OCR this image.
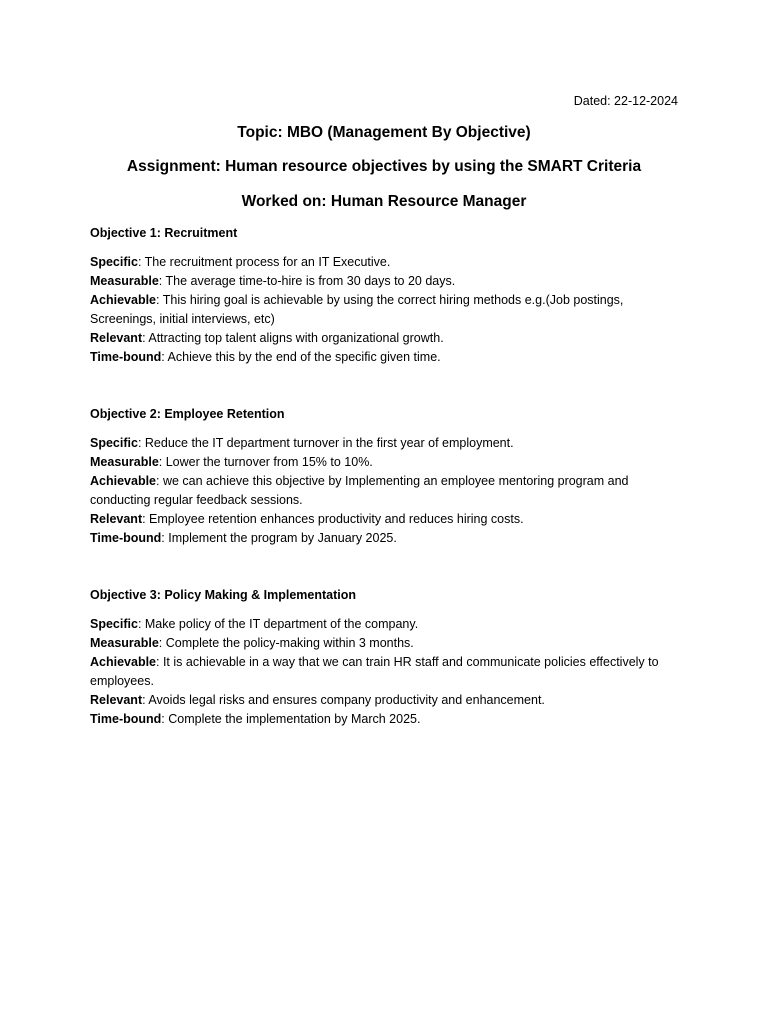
Dated: 22-12-2024
Topic: MBO (Management By Objective)
Assignment: Human resource objectives by using the SMART Criteria
Worked on: Human Resource Manager
Objective 1: Recruitment

Specific: The recruitment process for an IT Executive.

Measurable: The average time-to-hire is from 30 days to 20 days.

Achievable: This hiring goal is achievable by using the correct hiring methods e.g.(Job postings, Screenings, initial interviews, etc)

Relevant: Attracting top talent aligns with organizational growth.

Time-bound: Achieve this by the end of the specific given time.

Objective 2: Employee Retention

Specific: Reduce the IT department turnover in the first year of employment.

Measurable: Lower the turnover from 15% to 10%.

Achievable: we can achieve this objective by Implementing an employee mentoring program and conducting regular feedback sessions.

Relevant: Employee retention enhances productivity and reduces hiring costs.

Time-bound: Implement the program by January 2025.

Objective 3: Policy Making & Implementation

Specific: Make policy of the IT department of the company.

Measurable: Complete the policy-making within 3 months.

Achievable: It is achievable in a way that we can train HR staff and communicate policies effectively to employees.

Relevant: Avoids legal risks and ensures company productivity and enhancement.

Time-bound: Complete the implementation by March 2025.
